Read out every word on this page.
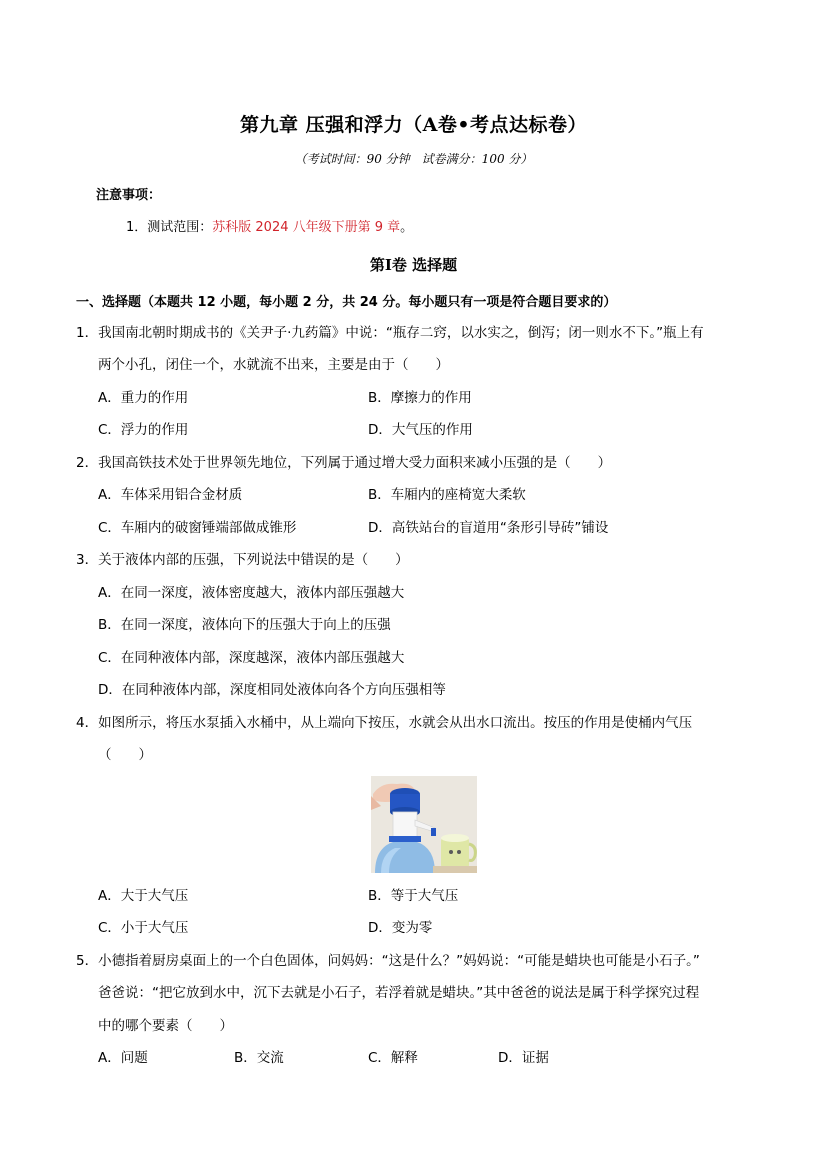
第九章 压强和浮力（A卷•考点达标卷）
（考试时间：90 分钟　试卷满分：100 分）
注意事项：
1．测试范围：苏科版 2024 八年级下册第 9 章。
第Ⅰ卷 选择题
一、选择题（本题共 12 小题，每小题 2 分，共 24 分。每小题只有一项是符合题目要求的）
1．我国南北朝时期成书的《关尹子·九药篇》中说：“瓶存二窍，以水实之，倒泻；闭一则水不下。”瓶上有
两个小孔，闭住一个，水就流不出来，主要是由于（　　）
A．重力的作用	B．摩擦力的作用
C．浮力的作用	D．大气压的作用
2．我国高铁技术处于世界领先地位，下列属于通过增大受力面积来减小压强的是（　　）
A．车体采用铝合金材质	B．车厢内的座椅宽大柔软
C．车厢内的破窗锤端部做成锥形	D．高铁站台的盲道用“条形引导砖”铺设
3．关于液体内部的压强，下列说法中错误的是（　　）
A．在同一深度，液体密度越大，液体内部压强越大
B．在同一深度，液体向下的压强大于向上的压强
C．在同种液体内部，深度越深，液体内部压强越大
D．在同种液体内部，深度相同处液体向各个方向压强相等
4．如图所示，将压水泵插入水桶中，从上端向下按压，水就会从出水口流出。按压的作用是使桶内气压
（　　）
A．大于大气压	B．等于大气压
C．小于大气压	D．变为零
5．小德指着厨房桌面上的一个白色固体，问妈妈：“这是什么？”妈妈说：“可能是蜡块也可能是小石子。”
爸爸说：“把它放到水中，沉下去就是小石子，若浮着就是蜡块。”其中爸爸的说法是属于科学探究过程
中的哪个要素（　　）
A．问题	B．交流	C．解释	D．证据
